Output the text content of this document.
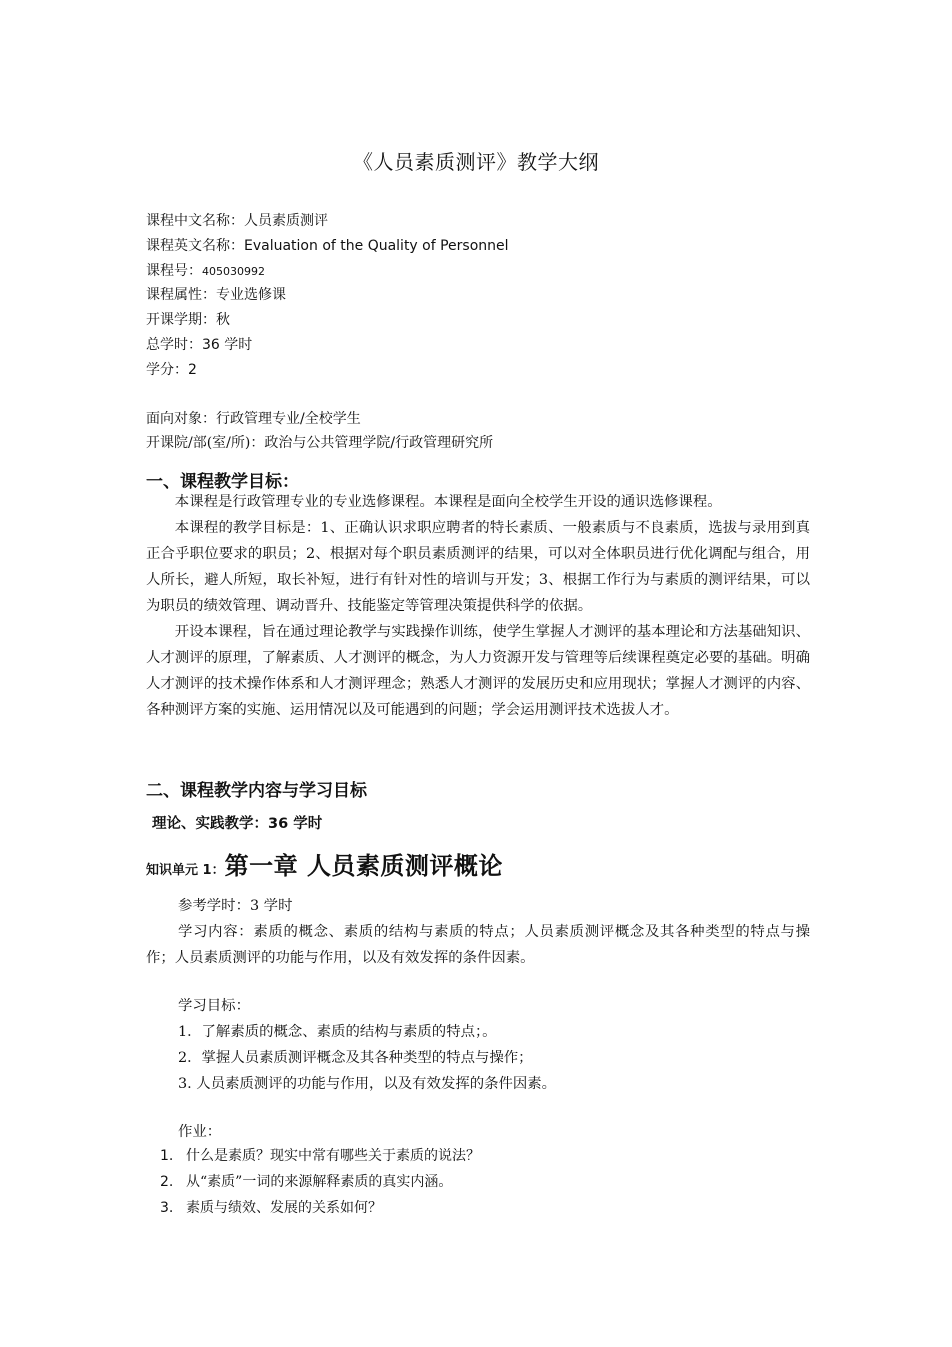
《人员素质测评》教学大纲
课程中文名称：人员素质测评
课程英文名称：Evaluation of the Quality of Personnel
课程号：405030992
课程属性：专业选修课
开课学期：秋
总学时：36 学时
学分：2
面向对象：行政管理专业/全校学生
开课院/部(室/所)：政治与公共管理学院/行政管理研究所
一、课程教学目标：

本课程是行政管理专业的专业选修课程。本课程是面向全校学生开设的通识选修课程。

本课程的教学目标是：1、正确认识求职应聘者的特长素质、一般素质与不良素质，选拔与录用到真正合乎职位要求的职员；2、根据对每个职员素质测评的结果，可以对全体职员进行优化调配与组合，用人所长，避人所短，取长补短，进行有针对性的培训与开发；3、根据工作行为与素质的测评结果，可以为职员的绩效管理、调动晋升、技能鉴定等管理决策提供科学的依据。

开设本课程，旨在通过理论教学与实践操作训练，使学生掌握人才测评的基本理论和方法基础知识、人才测评的原理，了解素质、人才测评的概念，为人力资源开发与管理等后续课程奠定必要的基础。明确人才测评的技术操作体系和人才测评理念；熟悉人才测评的发展历史和应用现状；掌握人才测评的内容、各种测评方案的实施、运用情况以及可能遇到的问题；学会运用测评技术选拔人才。

二、课程教学内容与学习目标
理论、实践教学：36 学时
知识单元 1：第一章 人员素质测评概论
参考学时：3 学时
学习内容：素质的概念、素质的结构与素质的特点；人员素质测评概念及其各种类型的特点与操作；人员素质测评的功能与作用，以及有效发挥的条件因素。
学习目标：
1．了解素质的概念、素质的结构与素质的特点；。
2．掌握人员素质测评概念及其各种类型的特点与操作；
3. 人员素质测评的功能与作用，以及有效发挥的条件因素。
作业：
1. 什么是素质？现实中常有哪些关于素质的说法？
2. 从“素质”一词的来源解释素质的真实内涵。
3. 素质与绩效、发展的关系如何？
